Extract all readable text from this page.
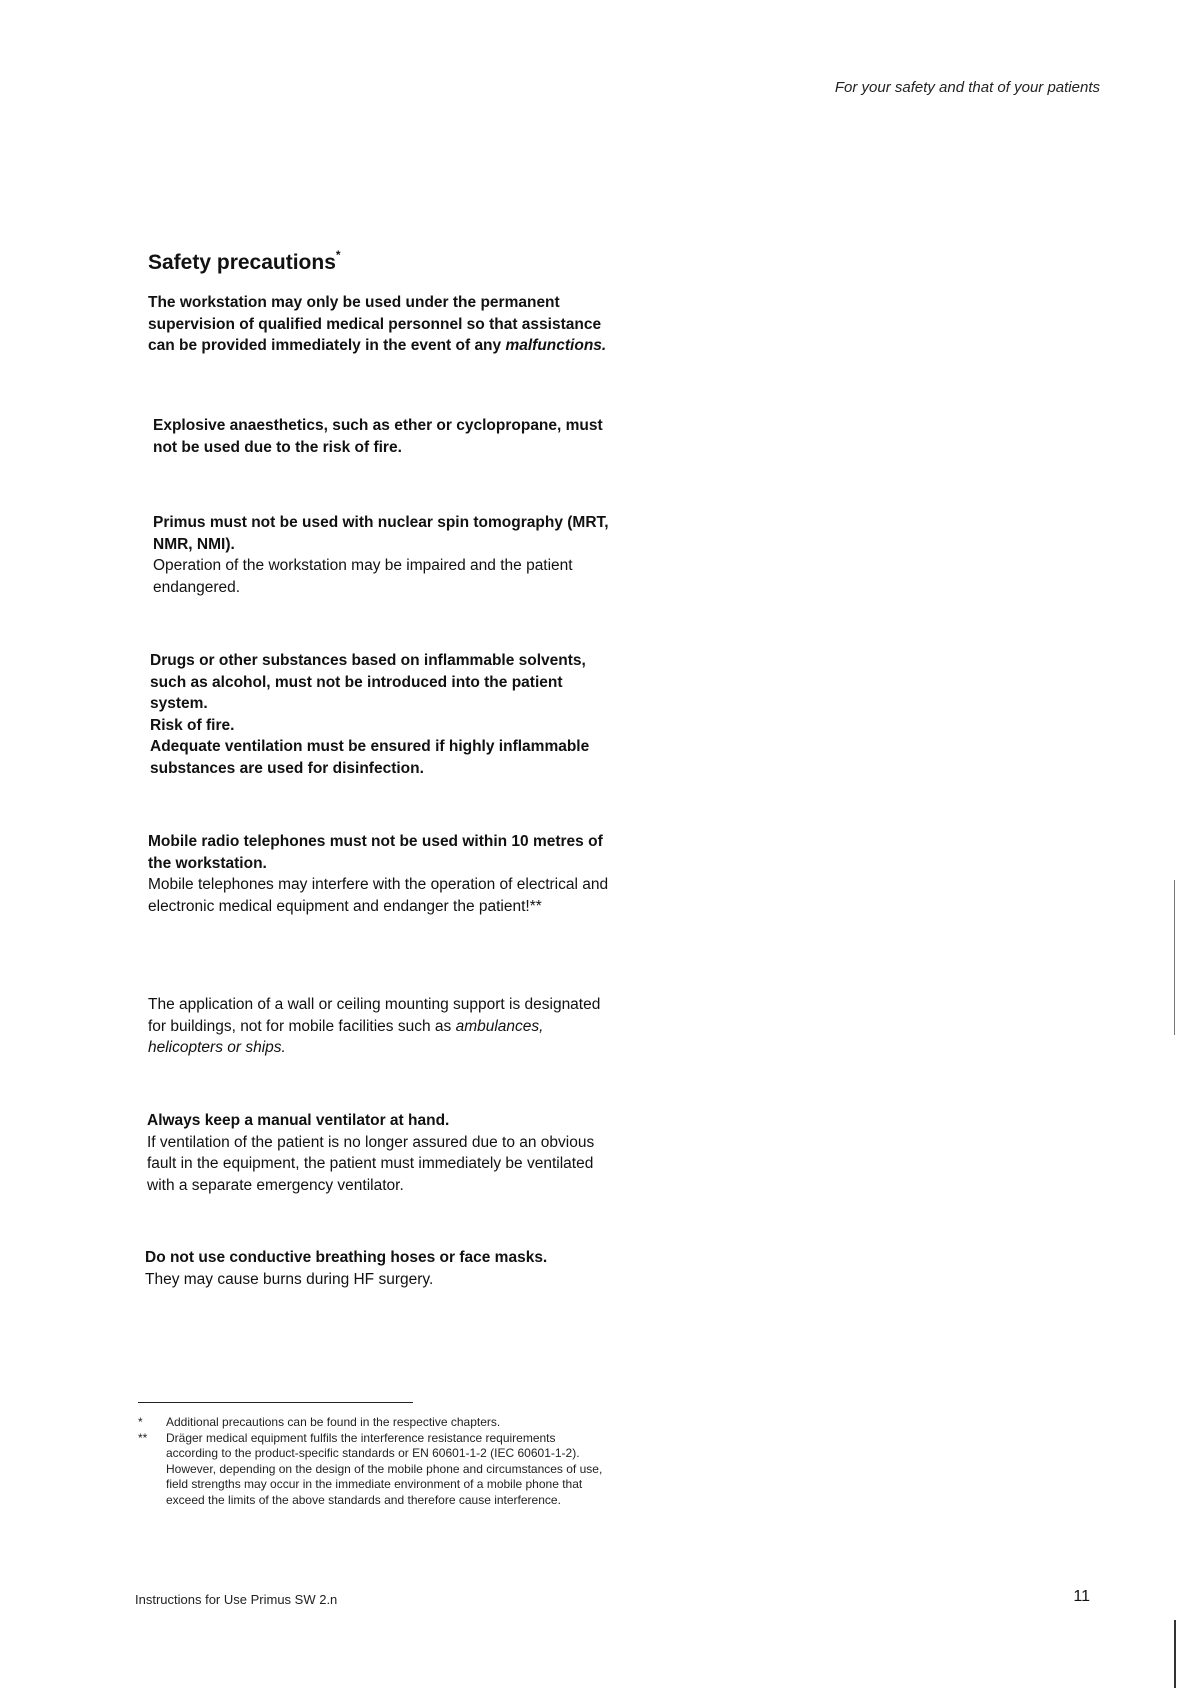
For your safety and that of your patients
Safety precautions*

The workstation may only be used under the permanent supervision of qualified medical personnel so that assistance can be provided immediately in the event of any malfunctions.

Explosive anaesthetics, such as ether or cyclopropane, must not be used due to the risk of fire.

Primus must not be used with nuclear spin tomography (MRT, NMR, NMI).

Operation of the workstation may be impaired and the patient endangered.

Drugs or other substances based on inflammable solvents, such as alcohol, must not be introduced into the patient system.

Risk of fire.

Adequate ventilation must be ensured if highly inflammable substances are used for disinfection.

Mobile radio telephones must not be used within 10 metres of the workstation.

Mobile telephones may interfere with the operation of electrical and electronic medical equipment and endanger the patient!**

The application of a wall or ceiling mounting support is designated for buildings, not for mobile facilities such as ambulances, helicopters or ships.

Always keep a manual ventilator at hand.

If ventilation of the patient is no longer assured due to an obvious fault in the equipment, the patient must immediately be ventilated with a separate emergency ventilator.

Do not use conductive breathing hoses or face masks.

They may cause burns during HF surgery.

*	Additional precautions can be found in the respective chapters.
**	Dräger medical equipment fulfils the interference resistance requirements according to the product-specific standards or EN 60601-1-2 (IEC 60601-1-2). However, depending on the design of the mobile phone and circumstances of use, field strengths may occur in the immediate environment of a mobile phone that exceed the limits of the above standards and therefore cause interference.
Instructions for Use Primus SW 2.n	11
